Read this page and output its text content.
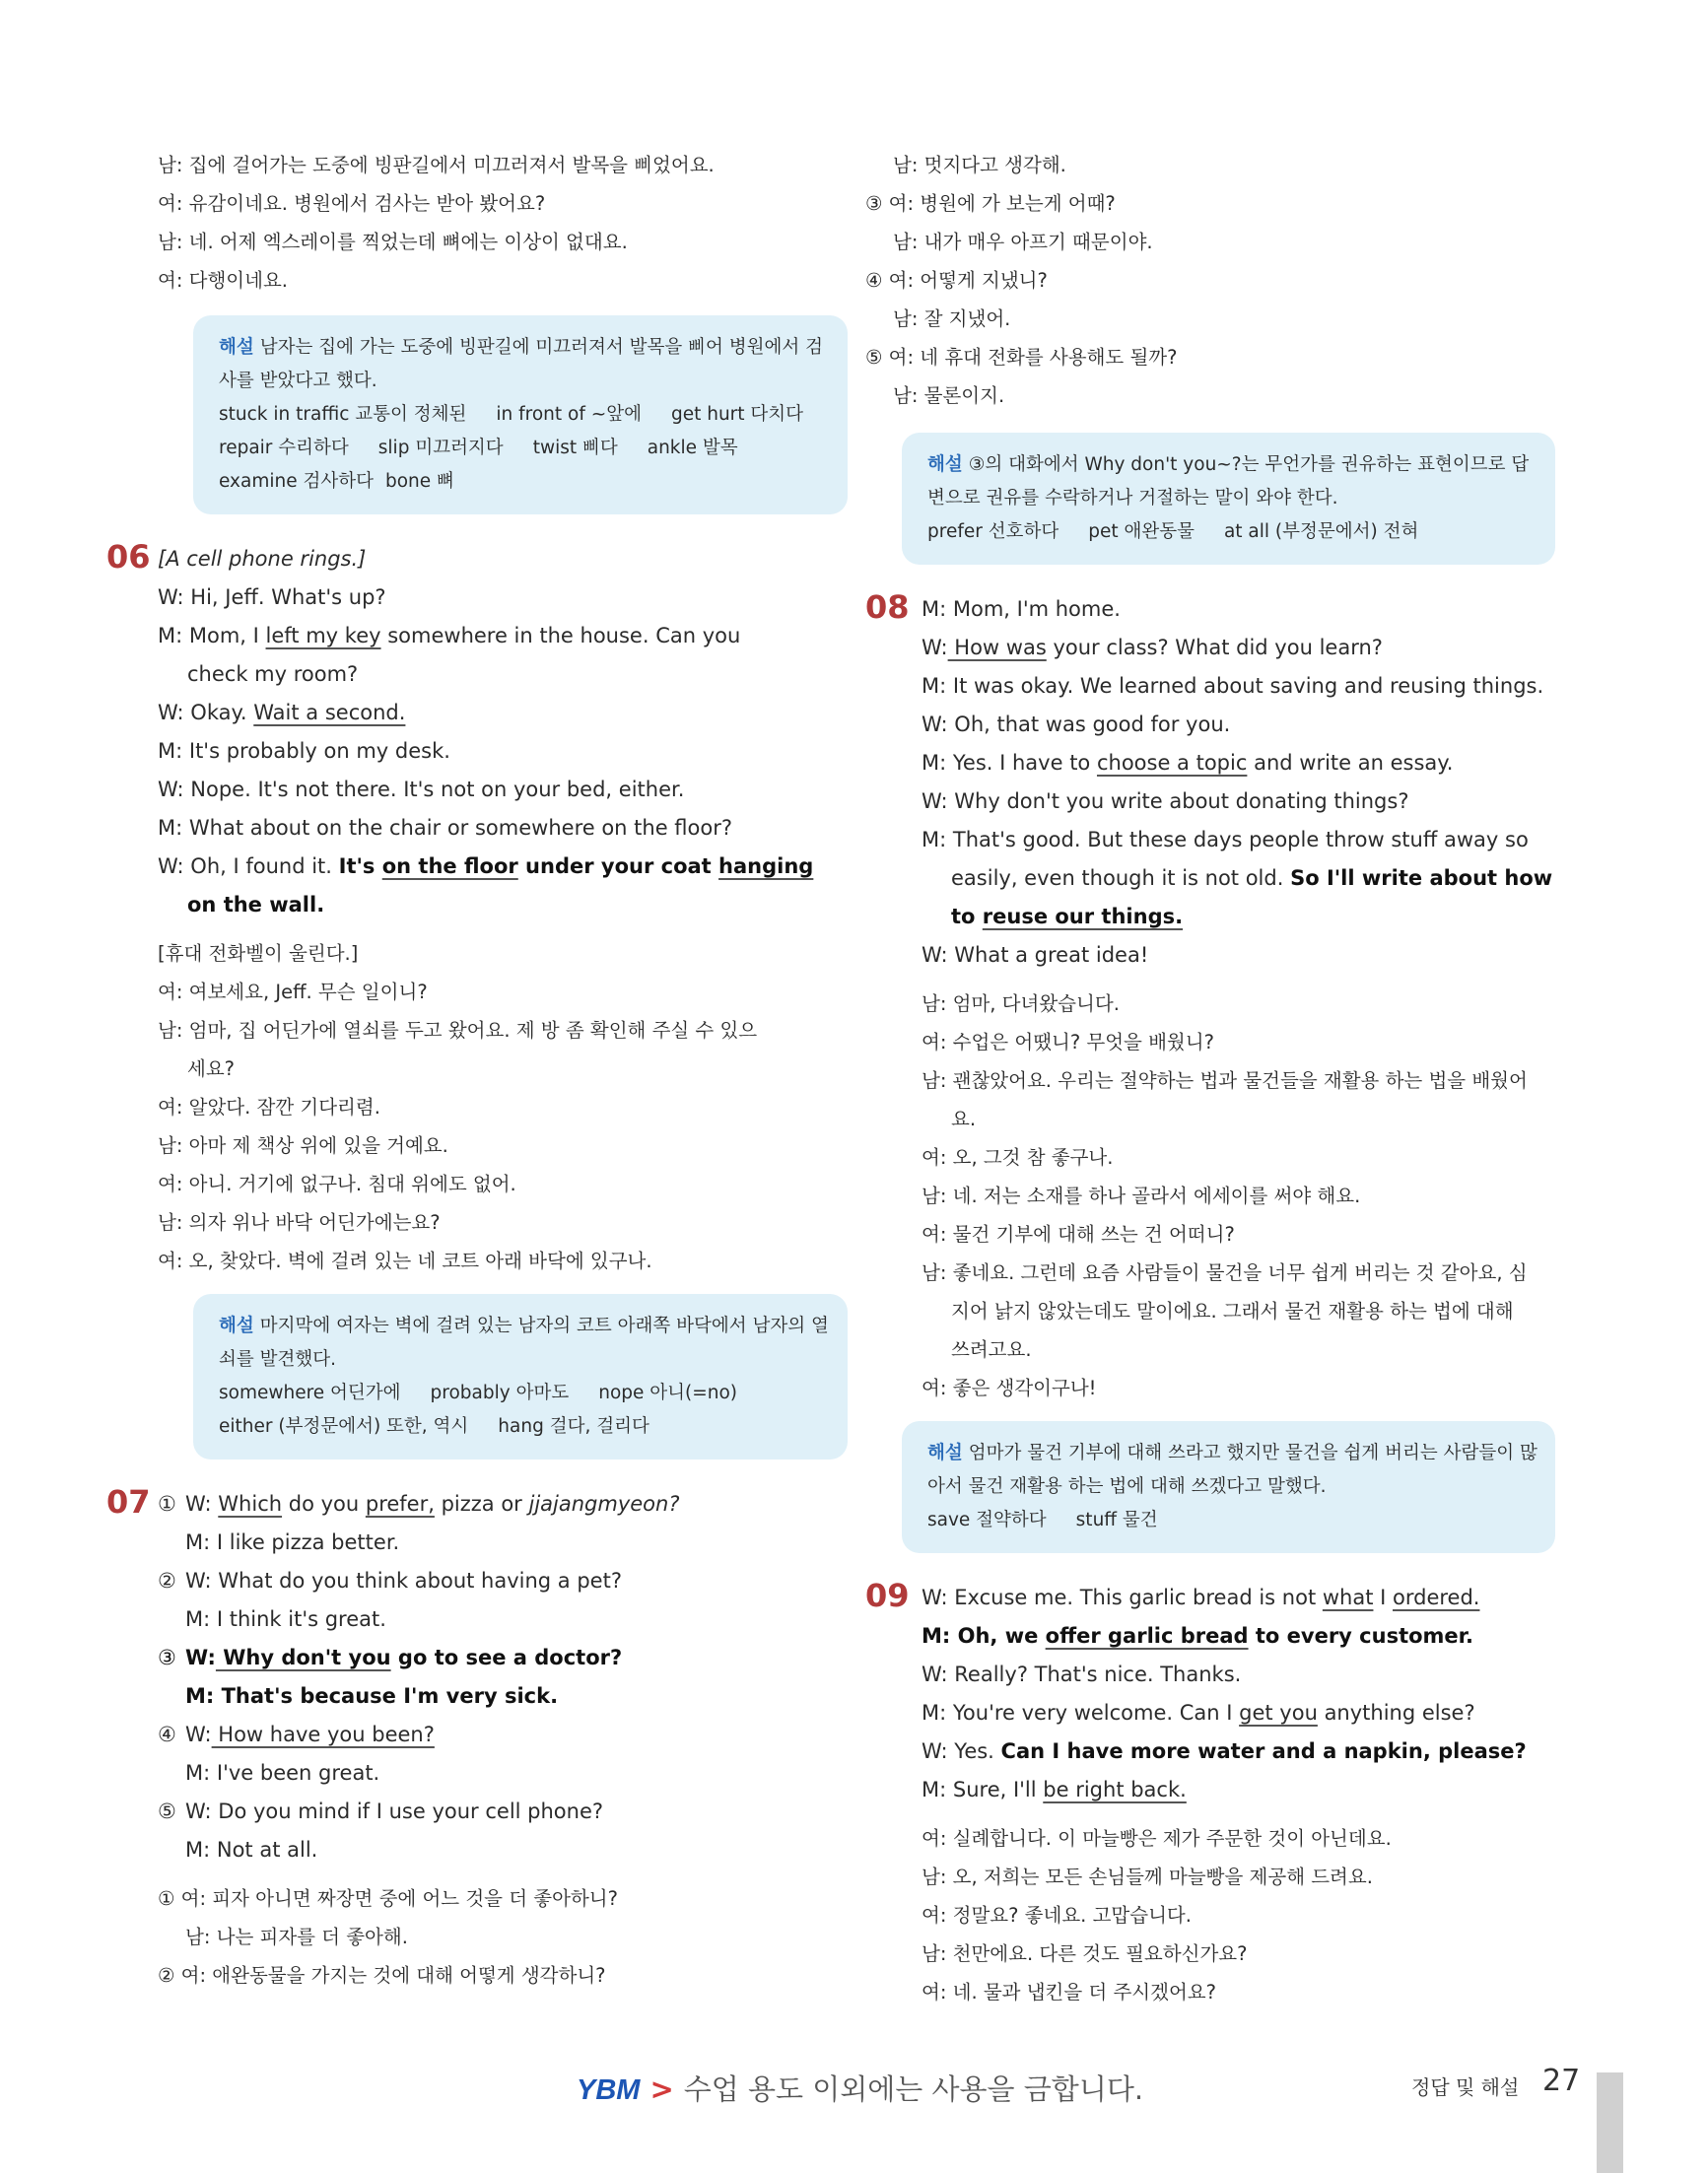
남: 집에 걸어가는 도중에 빙판길에서 미끄러져서 발목을 삐었어요.
여: 유감이네요. 병원에서 검사는 받아 봤어요?
남: 네. 어제 엑스레이를 찍었는데 뼈에는 이상이 없대요.
여: 다행이네요.
해설 남자는 집에 가는 도중에 빙판길에 미끄러져서 발목을 삐어 병원에서 검
사를 받았다고 했다.
stuck in traffic 교통이 정체된 in front of ~앞에 get hurt 다치다
repair 수리하다 slip 미끄러지다 twist 삐다 ankle 발목
examine 검사하다 bone 뼈
06 [A cell phone rings.]
W: Hi, Jeff. What's up?
M: Mom, I left my key somewhere in the house. Can you
check my room?
W: Okay. Wait a second.
M: It's probably on my desk.
W: Nope. It's not there. It's not on your bed, either.
M: What about on the chair or somewhere on the floor?
W: Oh, I found it. It's on the floor under your coat hanging
on the wall.
[휴대 전화벨이 울린다.]
여: 여보세요, Jeff. 무슨 일이니?
남: 엄마, 집 어딘가에 열쇠를 두고 왔어요. 제 방 좀 확인해 주실 수 있으
세요?
여: 알았다. 잠깐 기다리렴.
남: 아마 제 책상 위에 있을 거예요.
여: 아니. 거기에 없구나. 침대 위에도 없어.
남: 의자 위나 바닥 어딘가에는요?
여: 오, 찾았다. 벽에 걸려 있는 네 코트 아래 바닥에 있구나.
해설 마지막에 여자는 벽에 걸려 있는 남자의 코트 아래쪽 바닥에서 남자의 열
쇠를 발견했다.
somewhere 어딘가에 probably 아마도 nope 아니(=no)
either (부정문에서) 또한, 역시 hang 걸다, 걸리다
07 ① W: Which do you prefer, pizza or jjajangmyeon?
M: I like pizza better.
② W: What do you think about having a pet?
M: I think it's great.
③ W: Why don't you go to see a doctor?
M: That's because I'm very sick.
④ W: How have you been?
M: I've been great.
⑤ W: Do you mind if I use your cell phone?
M: Not at all.
① 여: 피자 아니면 짜장면 중에 어느 것을 더 좋아하니?
남: 나는 피자를 더 좋아해.
② 여: 애완동물을 가지는 것에 대해 어떻게 생각하니?
남: 멋지다고 생각해.
③ 여: 병원에 가 보는게 어때?
남: 내가 매우 아프기 때문이야.
④ 여: 어떻게 지냈니?
남: 잘 지냈어.
⑤ 여: 네 휴대 전화를 사용해도 될까?
남: 물론이지.
해설 ③의 대화에서 Why don't you~?는 무언가를 권유하는 표현이므로 답
변으로 권유를 수락하거나 거절하는 말이 와야 한다.
prefer 선호하다 pet 애완동물 at all (부정문에서) 전혀
08 M: Mom, I'm home.
W: How was your class? What did you learn?
M: It was okay. We learned about saving and reusing things.
W: Oh, that was good for you.
M: Yes. I have to choose a topic and write an essay.
W: Why don't you write about donating things?
M: That's good. But these days people throw stuff away so
easily, even though it is not old. So I'll write about how
to reuse our things.
W: What a great idea!
남: 엄마, 다녀왔습니다.
여: 수업은 어땠니? 무엇을 배웠니?
남: 괜찮았어요. 우리는 절약하는 법과 물건들을 재활용 하는 법을 배웠어
요.
여: 오, 그것 참 좋구나.
남: 네. 저는 소재를 하나 골라서 에세이를 써야 해요.
여: 물건 기부에 대해 쓰는 건 어떠니?
남: 좋네요. 그런데 요즘 사람들이 물건을 너무 쉽게 버리는 것 같아요, 심
지어 낡지 않았는데도 말이에요. 그래서 물건 재활용 하는 법에 대해
쓰려고요.
여: 좋은 생각이구나!
해설 엄마가 물건 기부에 대해 쓰라고 했지만 물건을 쉽게 버리는 사람들이 많
아서 물건 재활용 하는 법에 대해 쓰겠다고 말했다.
save 절약하다 stuff 물건
09 W: Excuse me. This garlic bread is not what I ordered.
M: Oh, we offer garlic bread to every customer.
W: Really? That's nice. Thanks.
M: You're very welcome. Can I get you anything else?
W: Yes. Can I have more water and a napkin, please?
M: Sure, I'll be right back.
여: 실례합니다. 이 마늘빵은 제가 주문한 것이 아닌데요.
남: 오, 저희는 모든 손님들께 마늘빵을 제공해 드려요.
여: 정말요? 좋네요. 고맙습니다.
남: 천만에요. 다른 것도 필요하신가요?
여: 네. 물과 냅킨을 더 주시겠어요?
YBM > 수업 용도 이외에는 사용을 금합니다.	정답 및 해설 27
